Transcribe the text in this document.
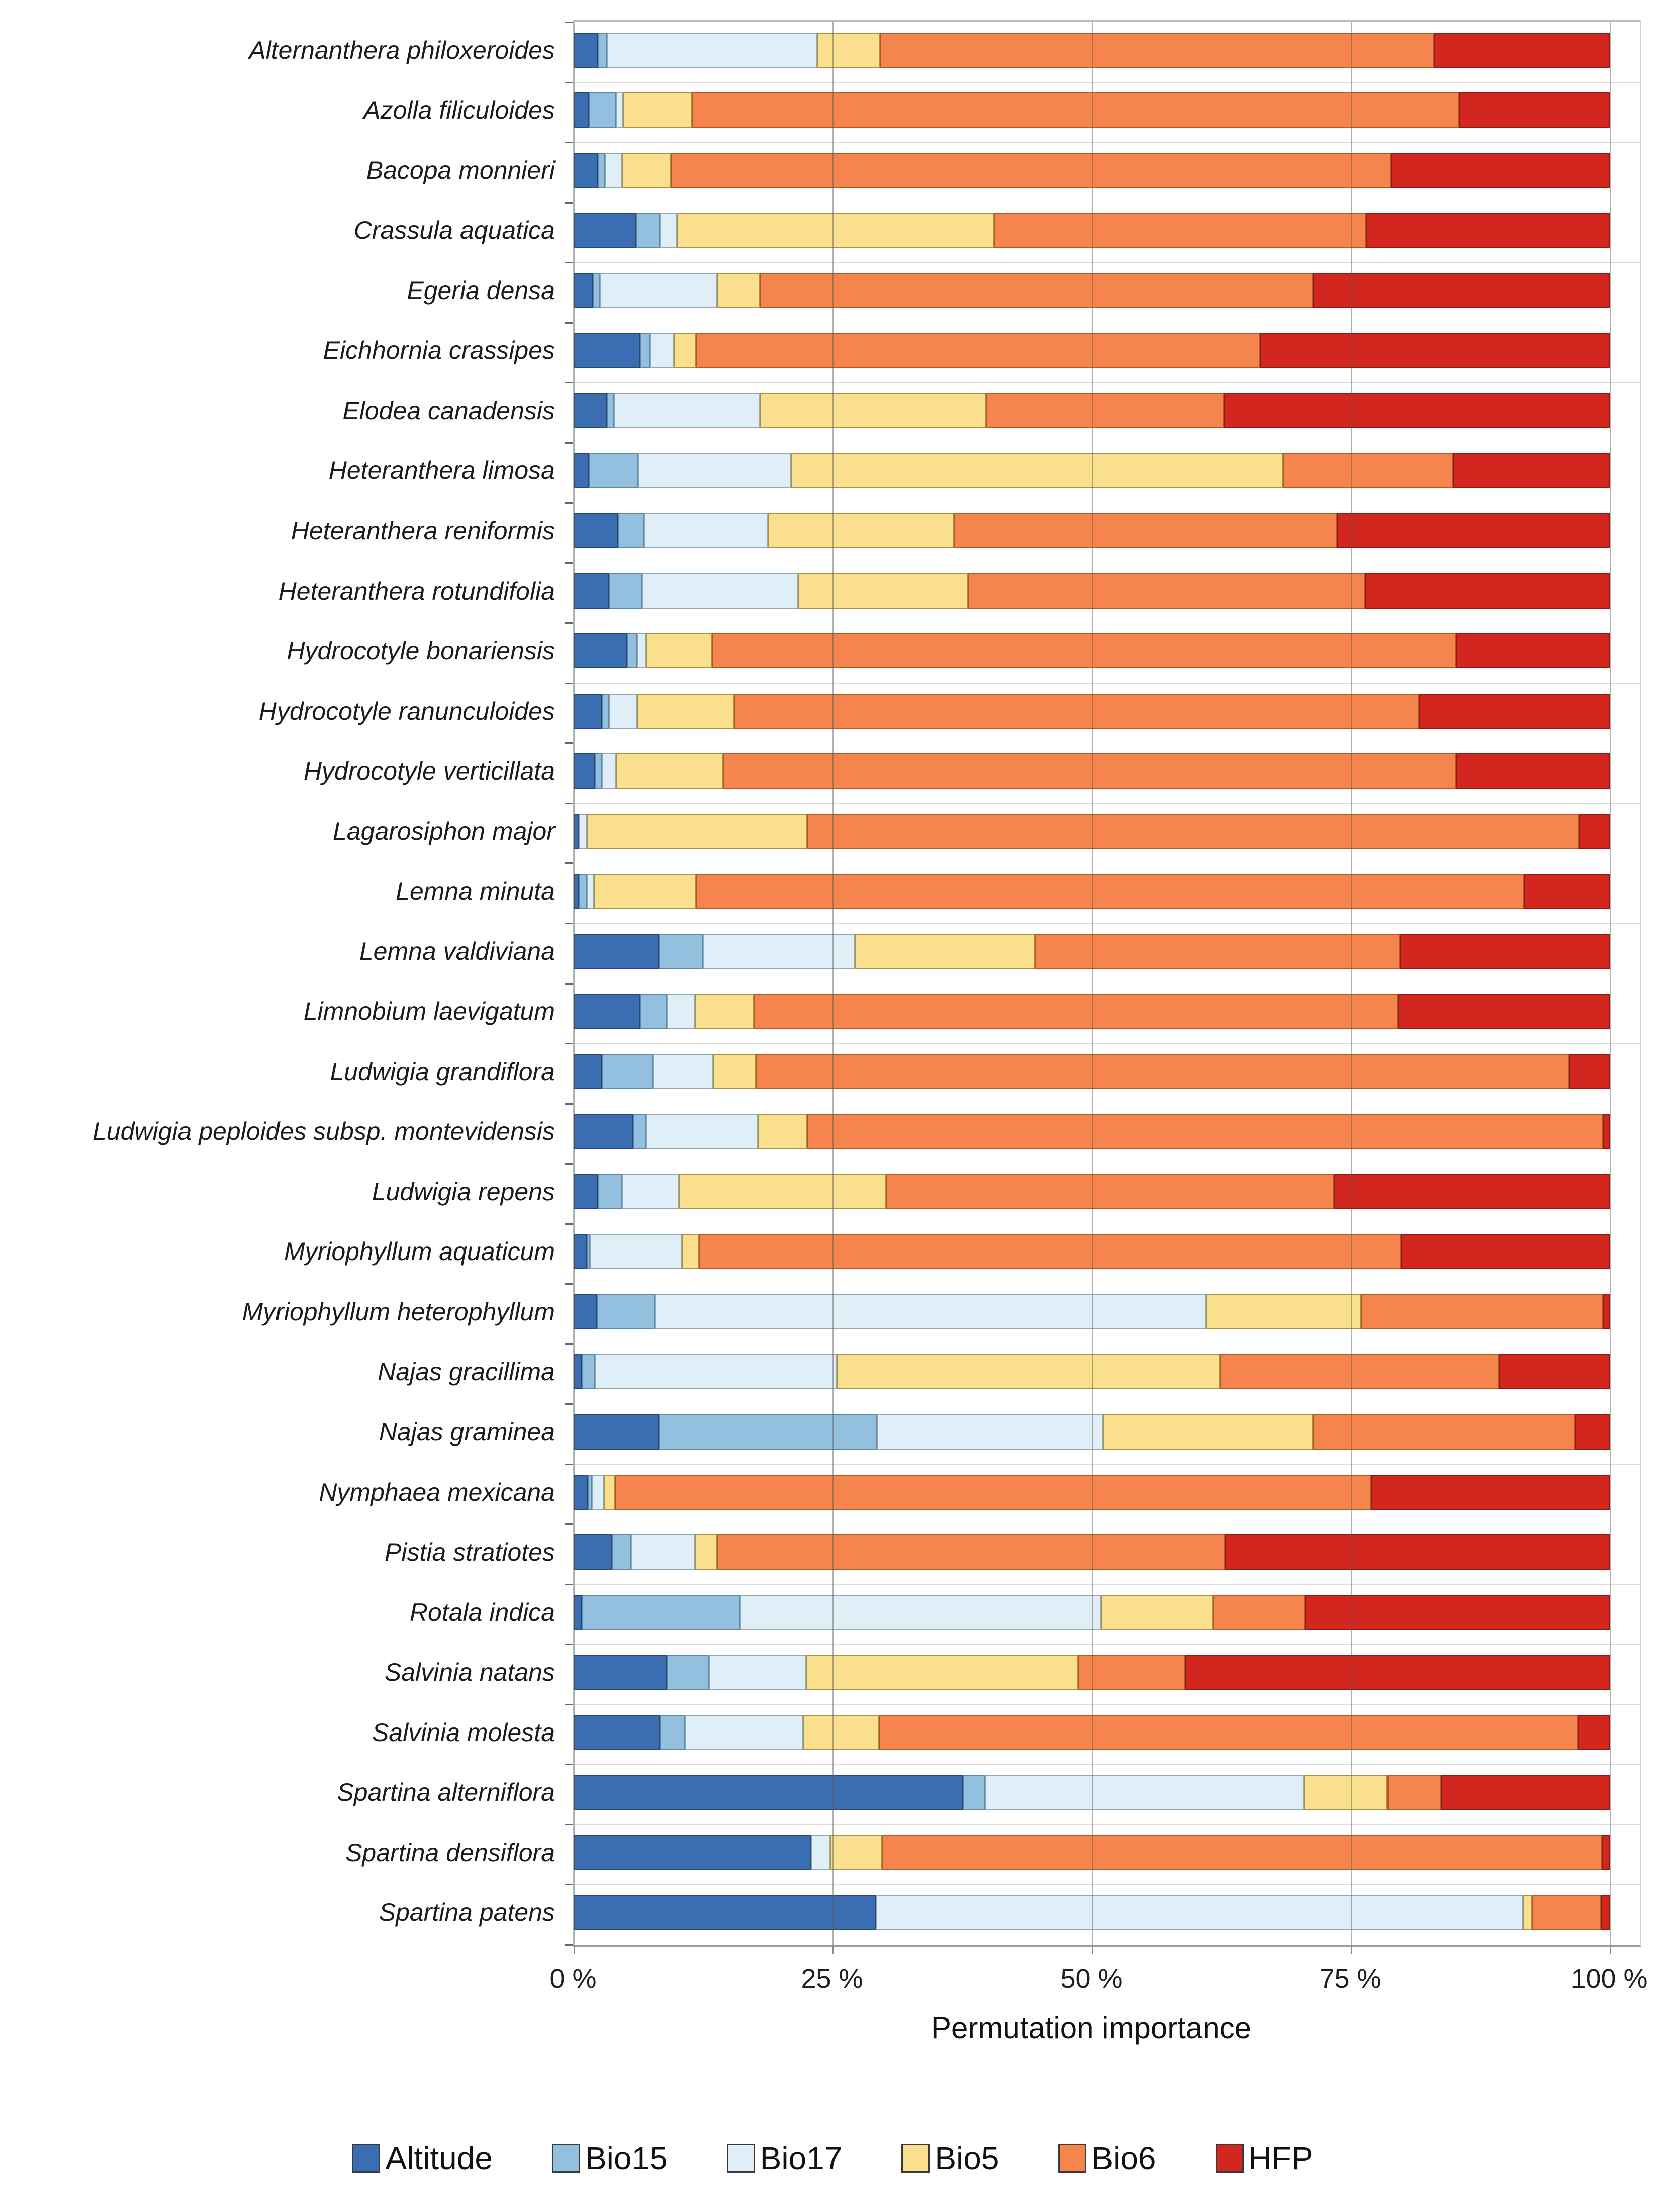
Alternanthera philoxeroides
Azolla filiculoides
Bacopa monnieri
Crassula aquatica
Egeria densa
Eichhornia crassipes
Elodea canadensis
Heteranthera limosa
Heteranthera reniformis
Heteranthera rotundifolia
Hydrocotyle bonariensis
Hydrocotyle ranunculoides
Hydrocotyle verticillata
Lagarosiphon major
Lemna minuta
Lemna valdiviana
Limnobium laevigatum
Ludwigia grandiflora
Ludwigia peploides subsp. montevidensis
Ludwigia repens
Myriophyllum aquaticum
Myriophyllum heterophyllum
Najas gracillima
Najas graminea
Nymphaea mexicana
Pistia stratiotes
Rotala indica
Salvinia natans
Salvinia molesta
Spartina alterniflora
Spartina densiflora
Spartina patens
0 %	25 %	50 %	75 %	100 %
Permutation importance
Altitude	Bio15	Bio17	Bio5	Bio6	HFP
